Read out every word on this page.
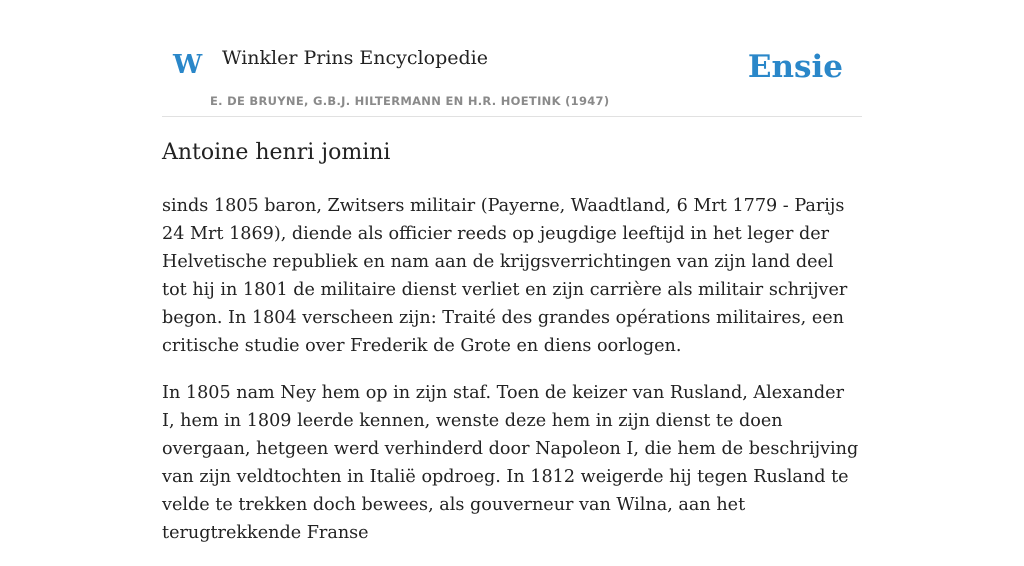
W Winkler Prins Encyclopedie	Ensie
E. DE BRUYNE, G.B.J. HILTERMANN EN H.R. HOETINK (1947)
Antoine henri jomini

sinds 1805 baron, Zwitsers militair (Payerne, Waadtland, 6 Mrt 1779 - Parijs 24 Mrt 1869), diende als officier reeds op jeugdige leeftijd in het leger der Helvetische republiek en nam aan de krijgsverrichtingen van zijn land deel tot hij in 1801 de militaire dienst verliet en zijn carrière als militair schrijver begon. In 1804 verscheen zijn: Traité des grandes opérations militaires, een critische studie over Frederik de Grote en diens oorlogen.

In 1805 nam Ney hem op in zijn staf. Toen de keizer van Rusland, Alexander I, hem in 1809 leerde kennen, wenste deze hem in zijn dienst te doen overgaan, hetgeen werd verhinderd door Napoleon I, die hem de beschrijving van zijn veldtochten in Italië opdroeg. In 1812 weigerde hij tegen Rusland te velde te trekken doch bewees, als gouverneur van Wilna, aan het terugtrekkende Franse
